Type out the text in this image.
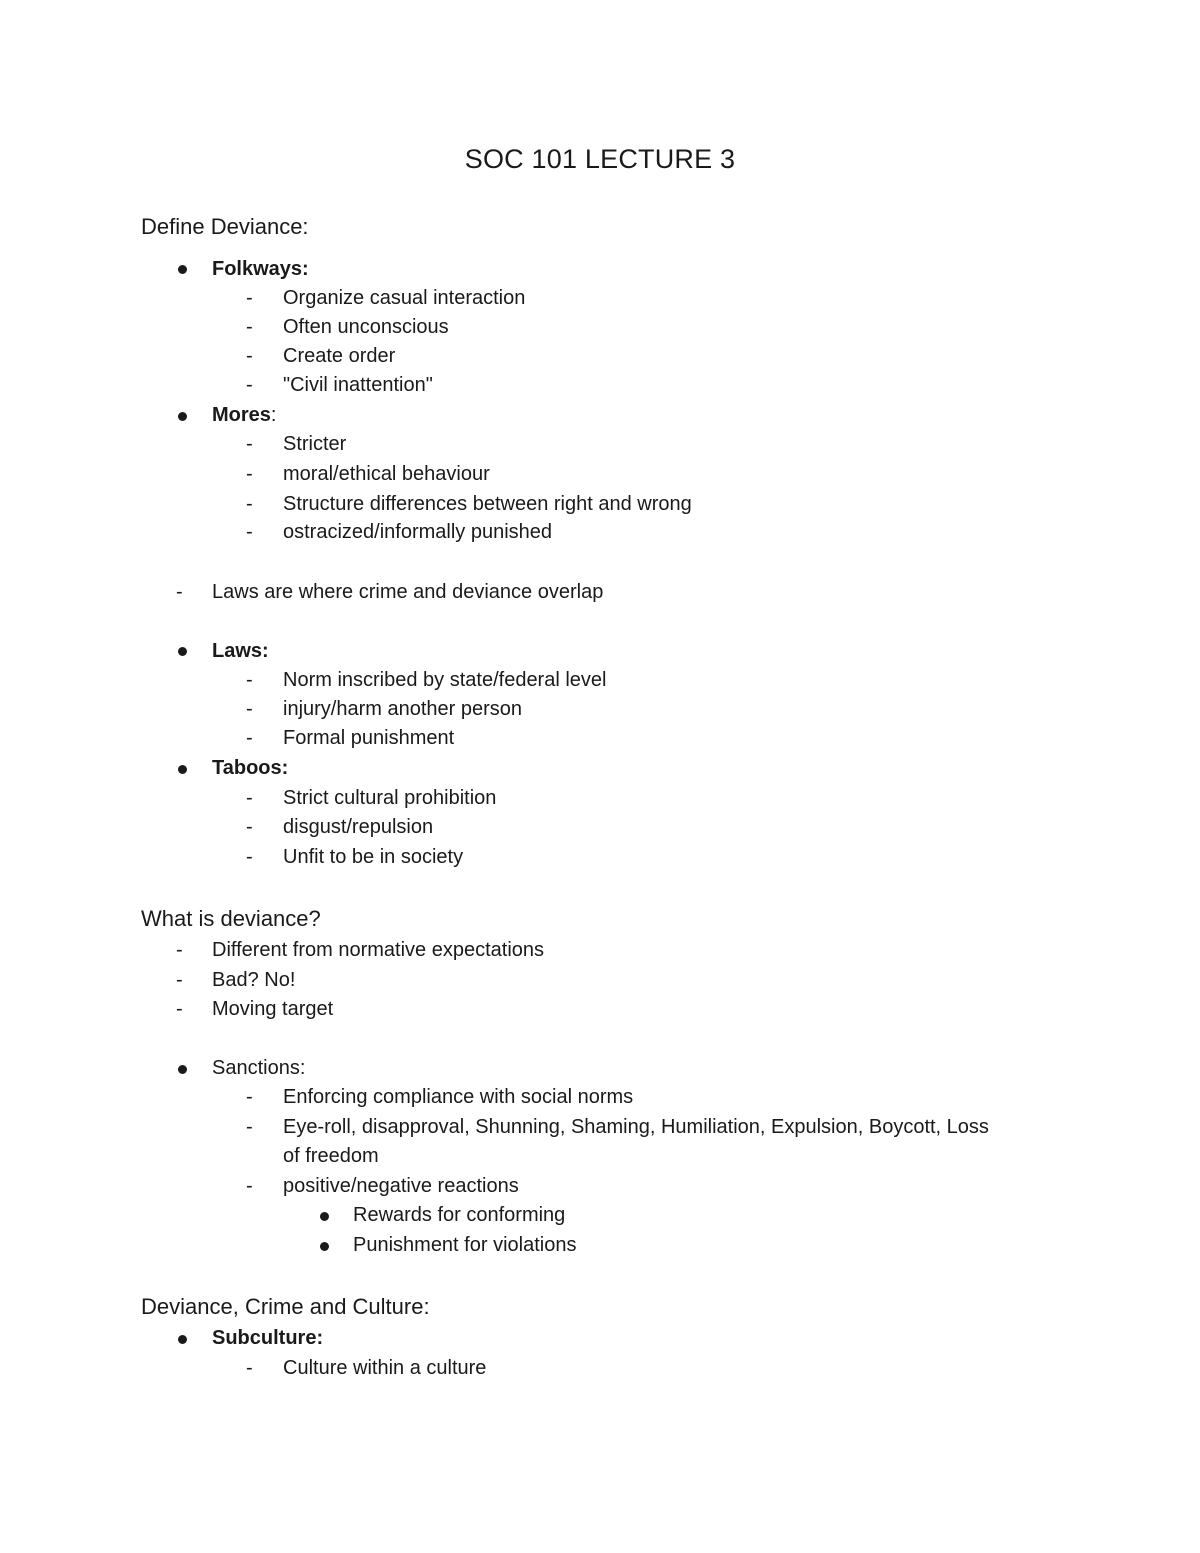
SOC 101 LECTURE 3
Define Deviance:
Folkways:
- Organize casual interaction
- Often unconscious
- Create order
- "Civil inattention"
Mores:
- Stricter
- moral/ethical behaviour
- Structure differences between right and wrong
- ostracized/informally punished
- Laws are where crime and deviance overlap
Laws:
- Norm inscribed by state/federal level
- injury/harm another person
- Formal punishment
Taboos:
- Strict cultural prohibition
- disgust/repulsion
- Unfit to be in society
What is deviance?
- Different from normative expectations
- Bad? No!
- Moving target
Sanctions:
- Enforcing compliance with social norms
- Eye-roll, disapproval, Shunning, Shaming, Humiliation, Expulsion, Boycott, Loss
of freedom
- positive/negative reactions
Rewards for conforming
Punishment for violations
Deviance, Crime and Culture:
Subculture:
- Culture within a culture
